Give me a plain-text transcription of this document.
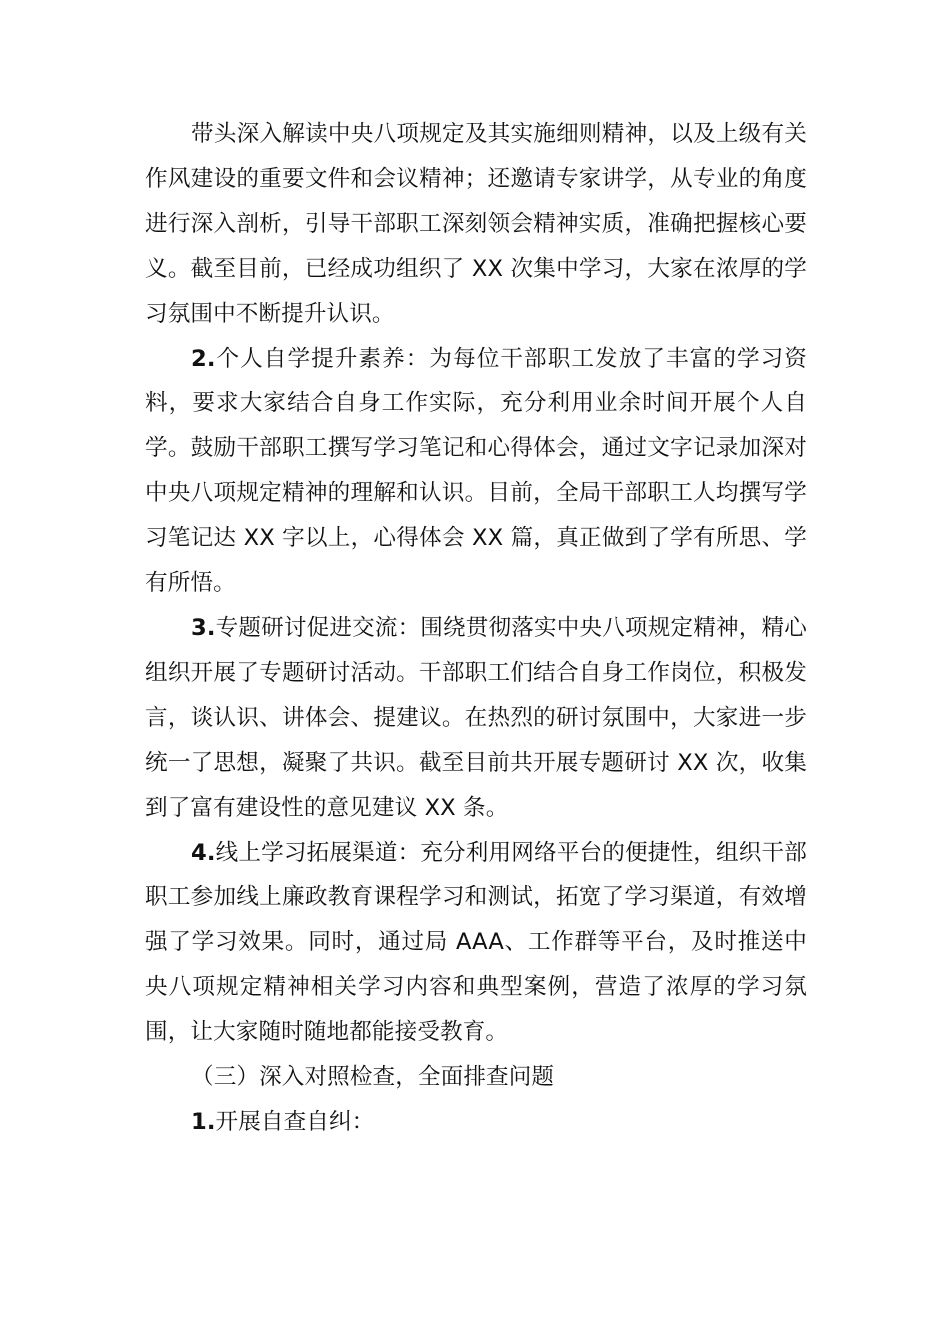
带头深入解读中央八项规定及其实施细则精神，以及上级有关作风建设的重要文件和会议精神；还邀请专家讲学，从专业的角度进行深入剖析，引导干部职工深刻领会精神实质，准确把握核心要义。截至目前，已经成功组织了 XX 次集中学习，大家在浓厚的学习氛围中不断提升认识。

2.个人自学提升素养：为每位干部职工发放了丰富的学习资料，要求大家结合自身工作实际，充分利用业余时间开展个人自学。鼓励干部职工撰写学习笔记和心得体会，通过文字记录加深对中央八项规定精神的理解和认识。目前，全局干部职工人均撰写学习笔记达 XX 字以上，心得体会 XX 篇，真正做到了学有所思、学有所悟。

3.专题研讨促进交流：围绕贯彻落实中央八项规定精神，精心组织开展了专题研讨活动。干部职工们结合自身工作岗位，积极发言，谈认识、讲体会、提建议。在热烈的研讨氛围中，大家进一步统一了思想，凝聚了共识。截至目前共开展专题研讨 XX 次，收集到了富有建设性的意见建议 XX 条。

4.线上学习拓展渠道：充分利用网络平台的便捷性，组织干部职工参加线上廉政教育课程学习和测试，拓宽了学习渠道，有效增强了学习效果。同时，通过局 AAA、工作群等平台，及时推送中央八项规定精神相关学习内容和典型案例，营造了浓厚的学习氛围，让大家随时随地都能接受教育。

（三）深入对照检查，全面排查问题

1.开展自查自纠：
